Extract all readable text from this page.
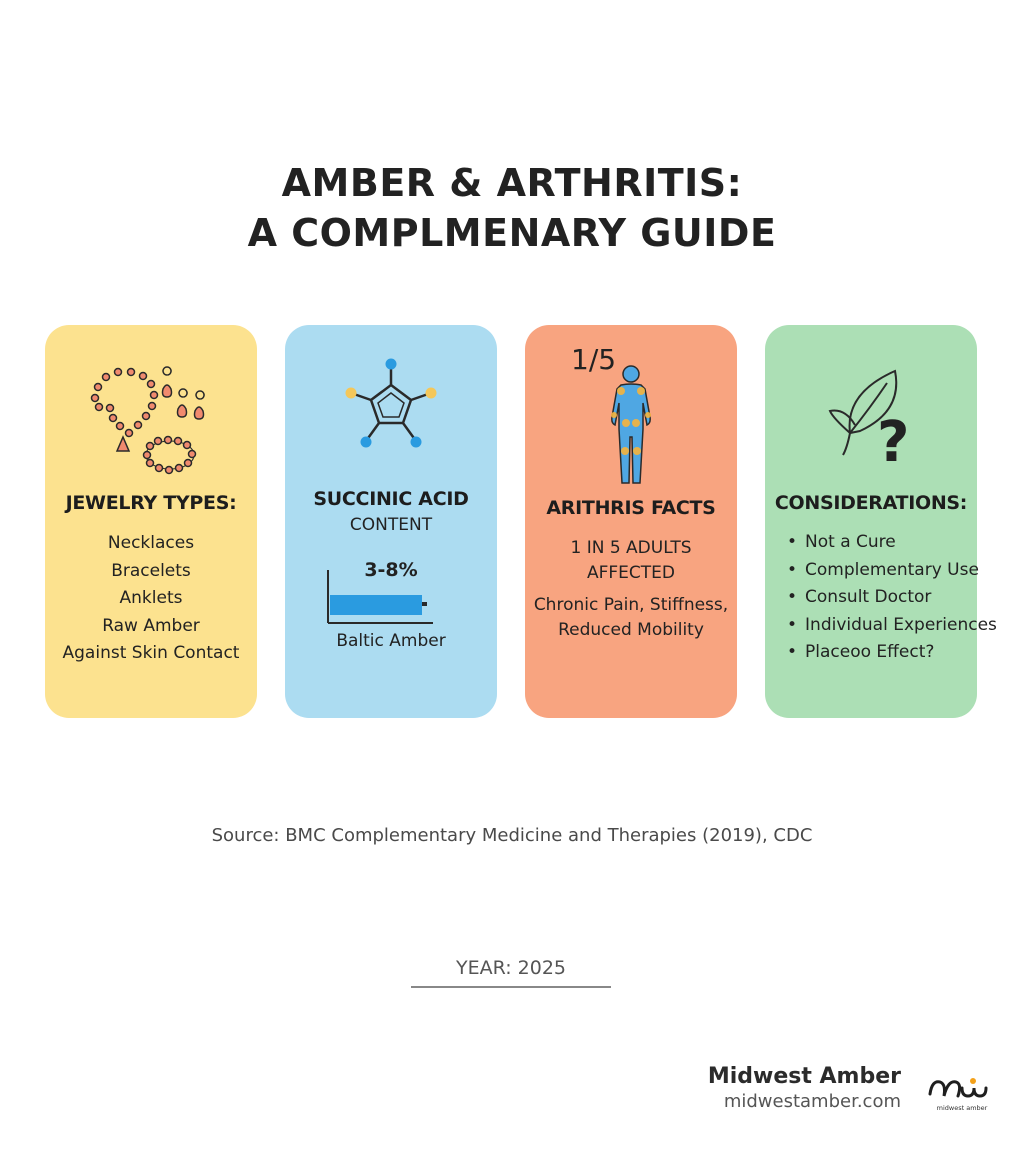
AMBER & ARTHRITIS:
A COMPLMENARY GUIDE
JEWELRY TYPES:
Necklaces
Bracelets
Anklets
Raw Amber
Against Skin Contact
SUCCINIC ACID
CONTENT
3-8%
Baltic Amber
1/5
ARITHRIS FACTS
1 IN 5 ADULTS
AFFECTED
Chronic Pain, Stiffness,
Reduced Mobility
?
CONSIDERATIONS:
• Not a Cure
• Complementary Use
• Consult Doctor
• Individual Experiences
• Placeoo Effect?
Source: BMC Complementary Medicine and Therapies (2019), CDC
YEAR: 2025
Midwest Amber
midwestamber.com	midwest amber
